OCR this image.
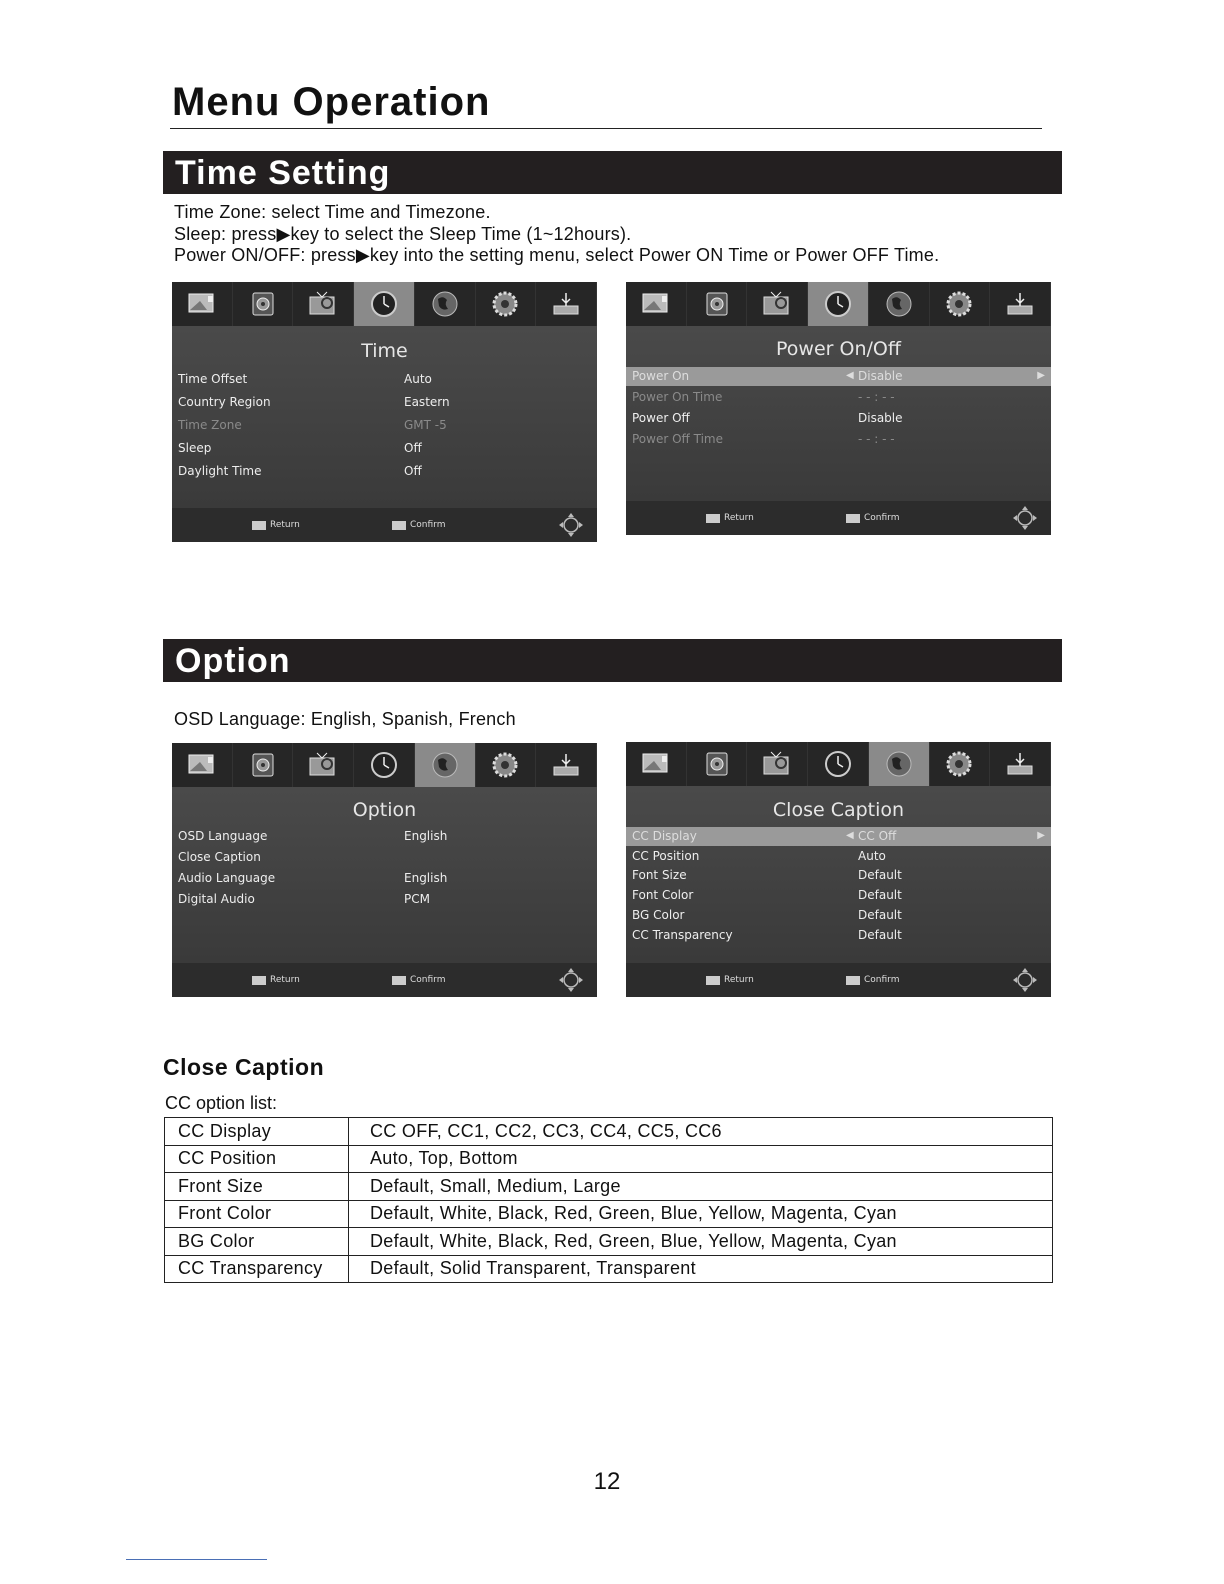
Menu Operation
Time Setting
Time Zone: select Time and Timezone.
Sleep: press▶key to select the Sleep Time (1~12hours).
Power ON/OFF: press▶key into the setting menu, select Power ON Time or Power OFF Time.
Time
Time Offset	Auto
Country Region	Eastern
Time Zone	GMT -5
Sleep	Off
Daylight Time	Off
Return	Confirm
Power On/Off
Power On	Disable
◀	▶
Power On Time	- - : - -
Power Off	Disable
Power Off Time	- - : - -
Return	Confirm
Option
OSD Language: English, Spanish, French
Option
OSD Language	English
Close Caption
Audio Language	English
Digital Audio	PCM
Return	Confirm
Close Caption
CC Display	CC Off
◀	▶
CC Position	Auto
Font Size	Default
Font Color	Default
BG Color	Default
CC Transparency	Default
Return	Confirm
Close Caption
CC option list:
CC Display	CC OFF, CC1, CC2, CC3, CC4, CC5, CC6
CC Position	Auto, Top, Bottom
Front Size	Default, Small, Medium, Large
Front Color	Default, White, Black, Red, Green, Blue, Yellow, Magenta, Cyan
BG Color	Default, White, Black, Red, Green, Blue, Yellow, Magenta, Cyan
CC Transparency	Default, Solid Transparent, Transparent
12
